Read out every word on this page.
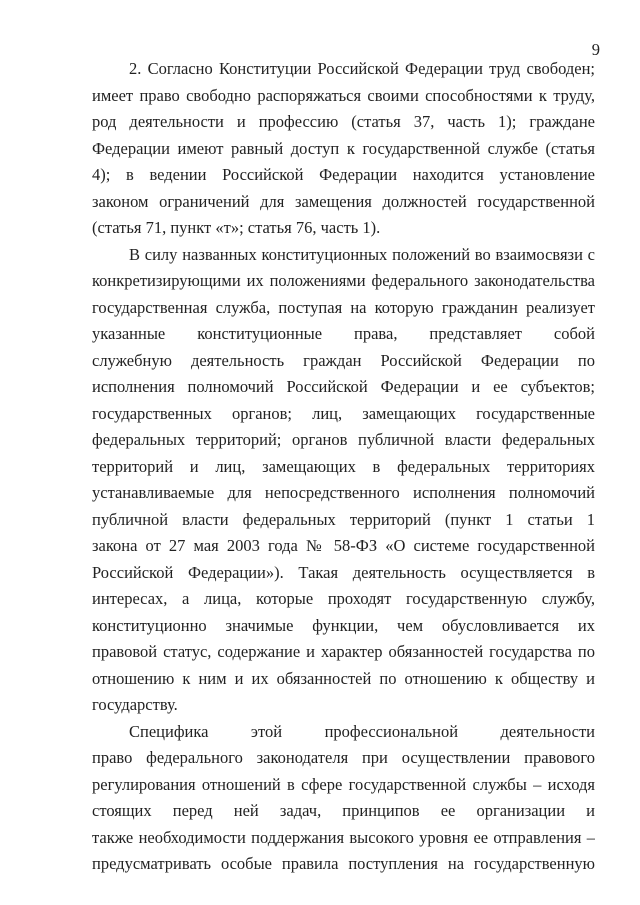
9
2. Согласно Конституции Российской Федерации труд свободен;
имеет право свободно распоряжаться своими способностями к труду,
род деятельности и профессию (статья 37, часть 1); граждане
Федерации имеют равный доступ к государственной службе (статья
4); в ведении Российской Федерации находится установление
законом ограничений для замещения должностей государственной
(статья 71, пункт «т»; статья 76, часть 1).
В силу названных конституционных положений во взаимосвязи с
конкретизирующими их положениями федерального законодательства
государственная служба, поступая на которую гражданин реализует
указанные конституционные права, представляет собой
служебную деятельность граждан Российской Федерации по
исполнения полномочий Российской Федерации и ее субъектов;
государственных органов; лиц, замещающих государственные
федеральных территорий; органов публичной власти федеральных
территорий и лиц, замещающих в федеральных территориях
устанавливаемые для непосредственного исполнения полномочий
публичной власти федеральных территорий (пункт 1 статьи 1
закона от 27 мая 2003 года № 58-ФЗ «О системе государственной
Российской Федерации»). Такая деятельность осуществляется в
интересах, а лица, которые проходят государственную службу,
конституционно значимые функции, чем обусловливается их
правовой статус, содержание и характер обязанностей государства по
отношению к ним и их обязанностей по отношению к обществу и
государству.
Специфика этой профессиональной деятельности
право федерального законодателя при осуществлении правового
регулирования отношений в сфере государственной службы – исходя
стоящих перед ней задач, принципов ее организации и
также необходимости поддержания высокого уровня ее отправления –
предусматривать особые правила поступления на государственную
